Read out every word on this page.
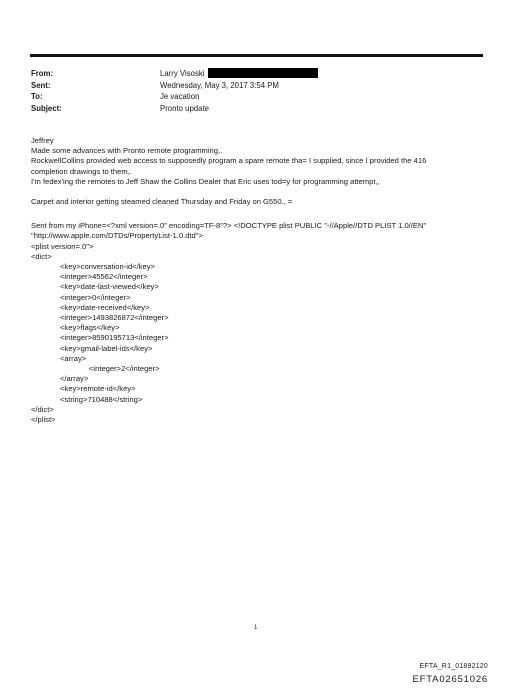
From:	Larry Visoski
Sent:	Wednesday, May 3, 2017 3:54 PM
To:	Je vacation
Subject:	Pronto update

Jeffrey

Made some advances with Pronto remote programming,.

RockwellCollins provided web access to supposedly program a spare remote tha= I supplied, since I provided the 416

completion drawings to them,.

I'm fedex'ing the remotes to Jeff Shaw the Collins Dealer that Eric uses tod=y for programming attempt,,

Carpet and interior getting steamed cleaned Thursday and Friday on G550., =

Sent from my iPhone=<?xml version=.0" encoding=TF-8"?> <!DOCTYPE plist PUBLIC "-//Apple//DTD PLIST 1.0//EN"

"http://www.apple.com/DTDs/PropertyList-1.0.dtd">

<plist version=.0">

<dict>

<key>conversation-id</key>

<integer>45562</integer>

<key>date-last-viewed</key>

<integer>0</integer>

<key>date-received</key>

<integer>1493826872</integer>

<key>flags</key>

<integer>8590195713</integer>

<key>gmail-label-ids</key>

<array>

<integer>2</integer>

</array>

<key>remote-id</key>

<string>710488</string>

</dict>

</plist>

1
EFTA_R1_01892120
EFTA02651026
